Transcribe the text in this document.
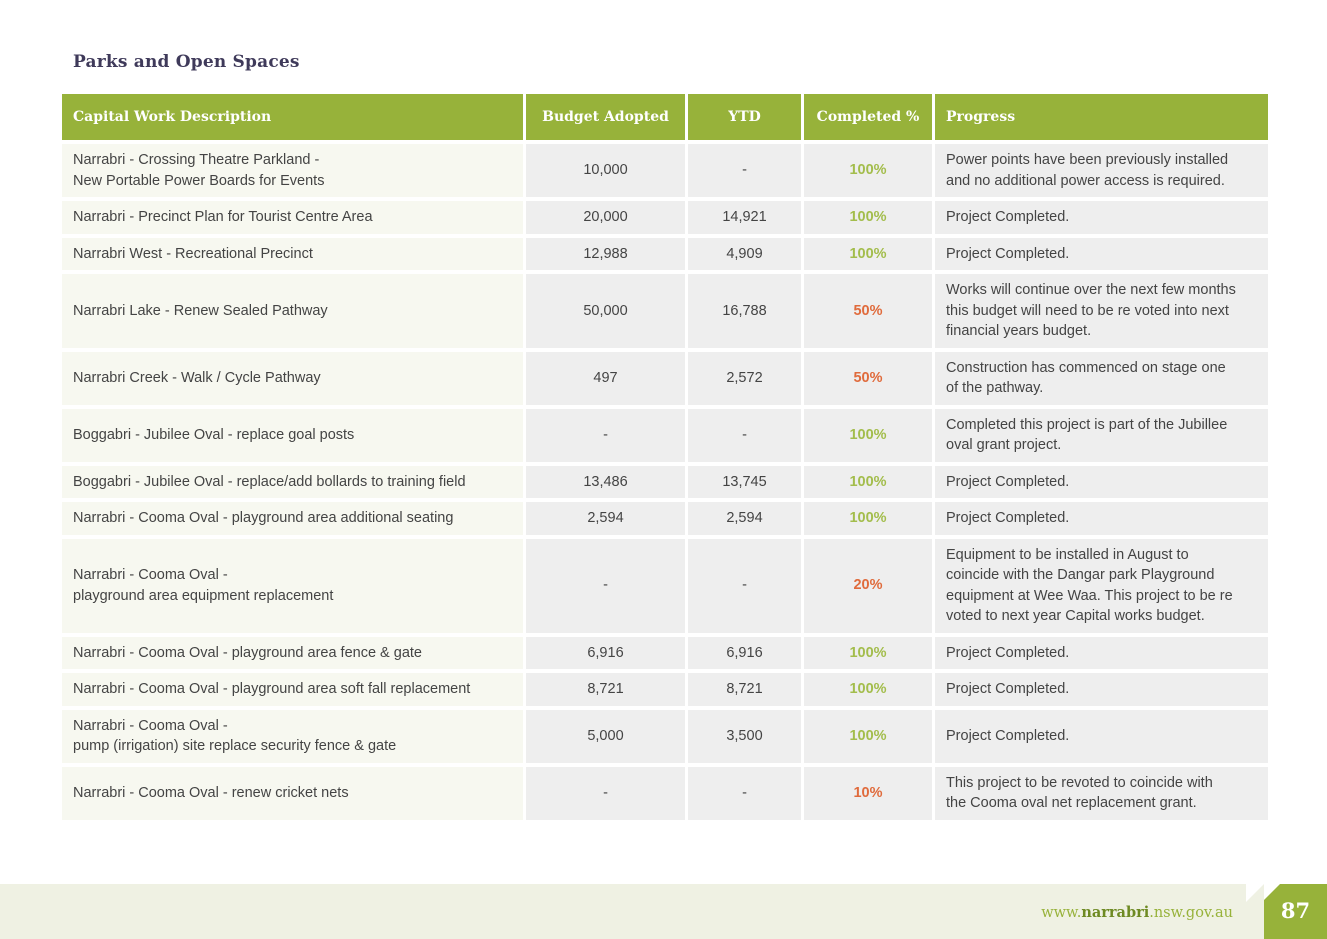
Parks and Open Spaces
Capital Work Description	Budget Adopted	YTD	Completed %	Progress

Narrabri - Crossing Theatre Parkland -
New Portable Power Boards for Events	10,000	-	100%	Power points have been previously installed
and no additional power access is required.

Narrabri - Precinct Plan for Tourist Centre Area	20,000	14,921	100%	Project Completed.

Narrabri West - Recreational Precinct	12,988	4,909	100%	Project Completed.

Narrabri Lake - Renew Sealed Pathway	50,000	16,788	50%	Works will continue over the next few months
this budget will need to be re voted into next
financial years budget.

Narrabri Creek - Walk / Cycle Pathway	497	2,572	50%	Construction has commenced on stage one
of the pathway.

Boggabri - Jubilee Oval - replace goal posts	-	-	100%	Completed this project is part of the Jubillee
oval grant project.

Boggabri - Jubilee Oval - replace/add bollards to training field	13,486	13,745	100%	Project Completed.

Narrabri - Cooma Oval - playground area additional seating	2,594	2,594	100%	Project Completed.

Narrabri - Cooma Oval -
playground area equipment replacement	-	-	20%	Equipment to be installed in August to
coincide with the Dangar park Playground
equipment at Wee Waa. This project to be re
voted to next year Capital works budget.

Narrabri - Cooma Oval - playground area fence & gate	6,916	6,916	100%	Project Completed.

Narrabri - Cooma Oval - playground area soft fall replacement	8,721	8,721	100%	Project Completed.

Narrabri - Cooma Oval -
pump (irrigation) site replace security fence & gate	5,000	3,500	100%	Project Completed.

Narrabri - Cooma Oval - renew cricket nets	-	-	10%	This project to be revoted to coincide with
the Cooma oval net replacement grant.
www.narrabri.nsw.gov.au	87
